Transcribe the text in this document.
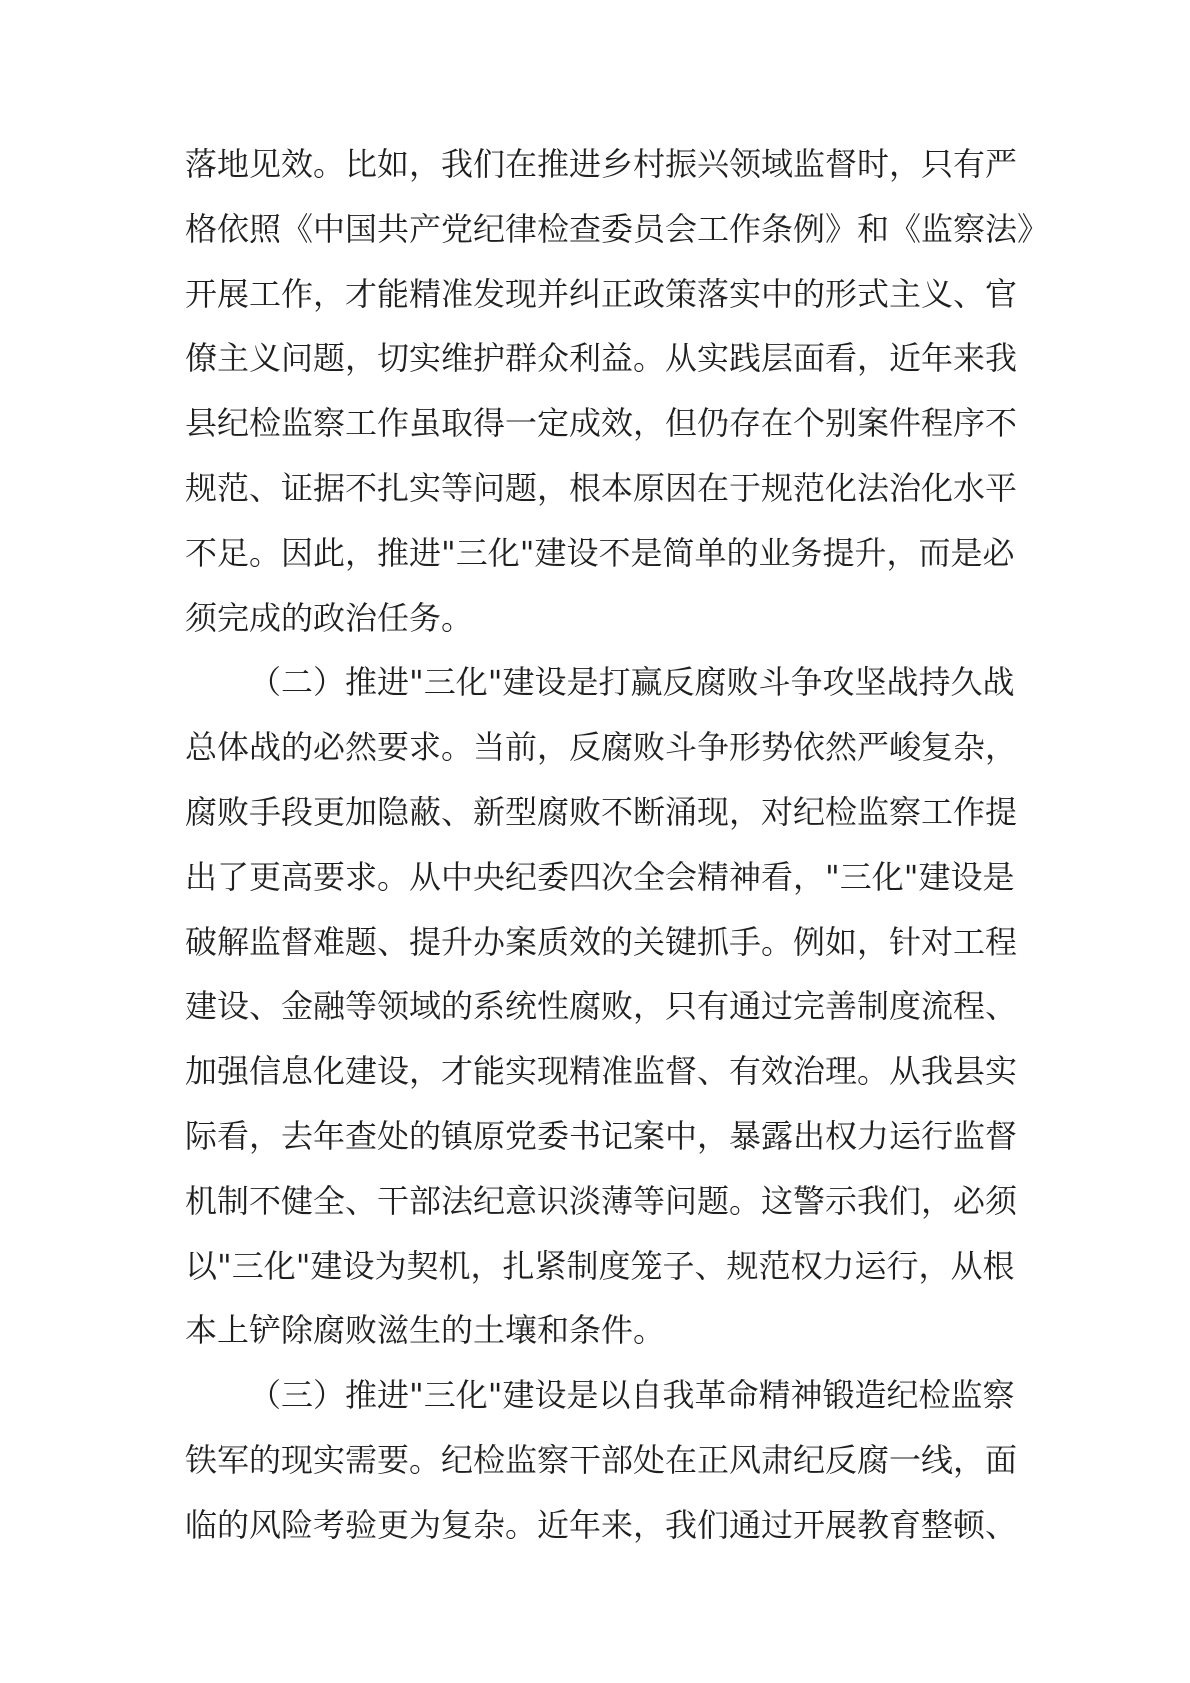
落地见效。比如，我们在推进乡村振兴领域监督时，只有严
格依照《中国共产党纪律检查委员会工作条例》和《监察法》
开展工作，才能精准发现并纠正政策落实中的形式主义、官
僚主义问题，切实维护群众利益。从实践层面看，近年来我
县纪检监察工作虽取得一定成效，但仍存在个别案件程序不
规范、证据不扎实等问题，根本原因在于规范化法治化水平
不足。因此，推进"三化"建设不是简单的业务提升，而是必
须完成的政治任务。
（二）推进"三化"建设是打赢反腐败斗争攻坚战持久战
总体战的必然要求。当前，反腐败斗争形势依然严峻复杂，
腐败手段更加隐蔽、新型腐败不断涌现，对纪检监察工作提
出了更高要求。从中央纪委四次全会精神看，"三化"建设是
破解监督难题、提升办案质效的关键抓手。例如，针对工程
建设、金融等领域的系统性腐败，只有通过完善制度流程、
加强信息化建设，才能实现精准监督、有效治理。从我县实
际看，去年查处的镇原党委书记案中，暴露出权力运行监督
机制不健全、干部法纪意识淡薄等问题。这警示我们，必须
以"三化"建设为契机，扎紧制度笼子、规范权力运行，从根
本上铲除腐败滋生的土壤和条件。
（三）推进"三化"建设是以自我革命精神锻造纪检监察
铁军的现实需要。纪检监察干部处在正风肃纪反腐一线，面
临的风险考验更为复杂。近年来，我们通过开展教育整顿、
